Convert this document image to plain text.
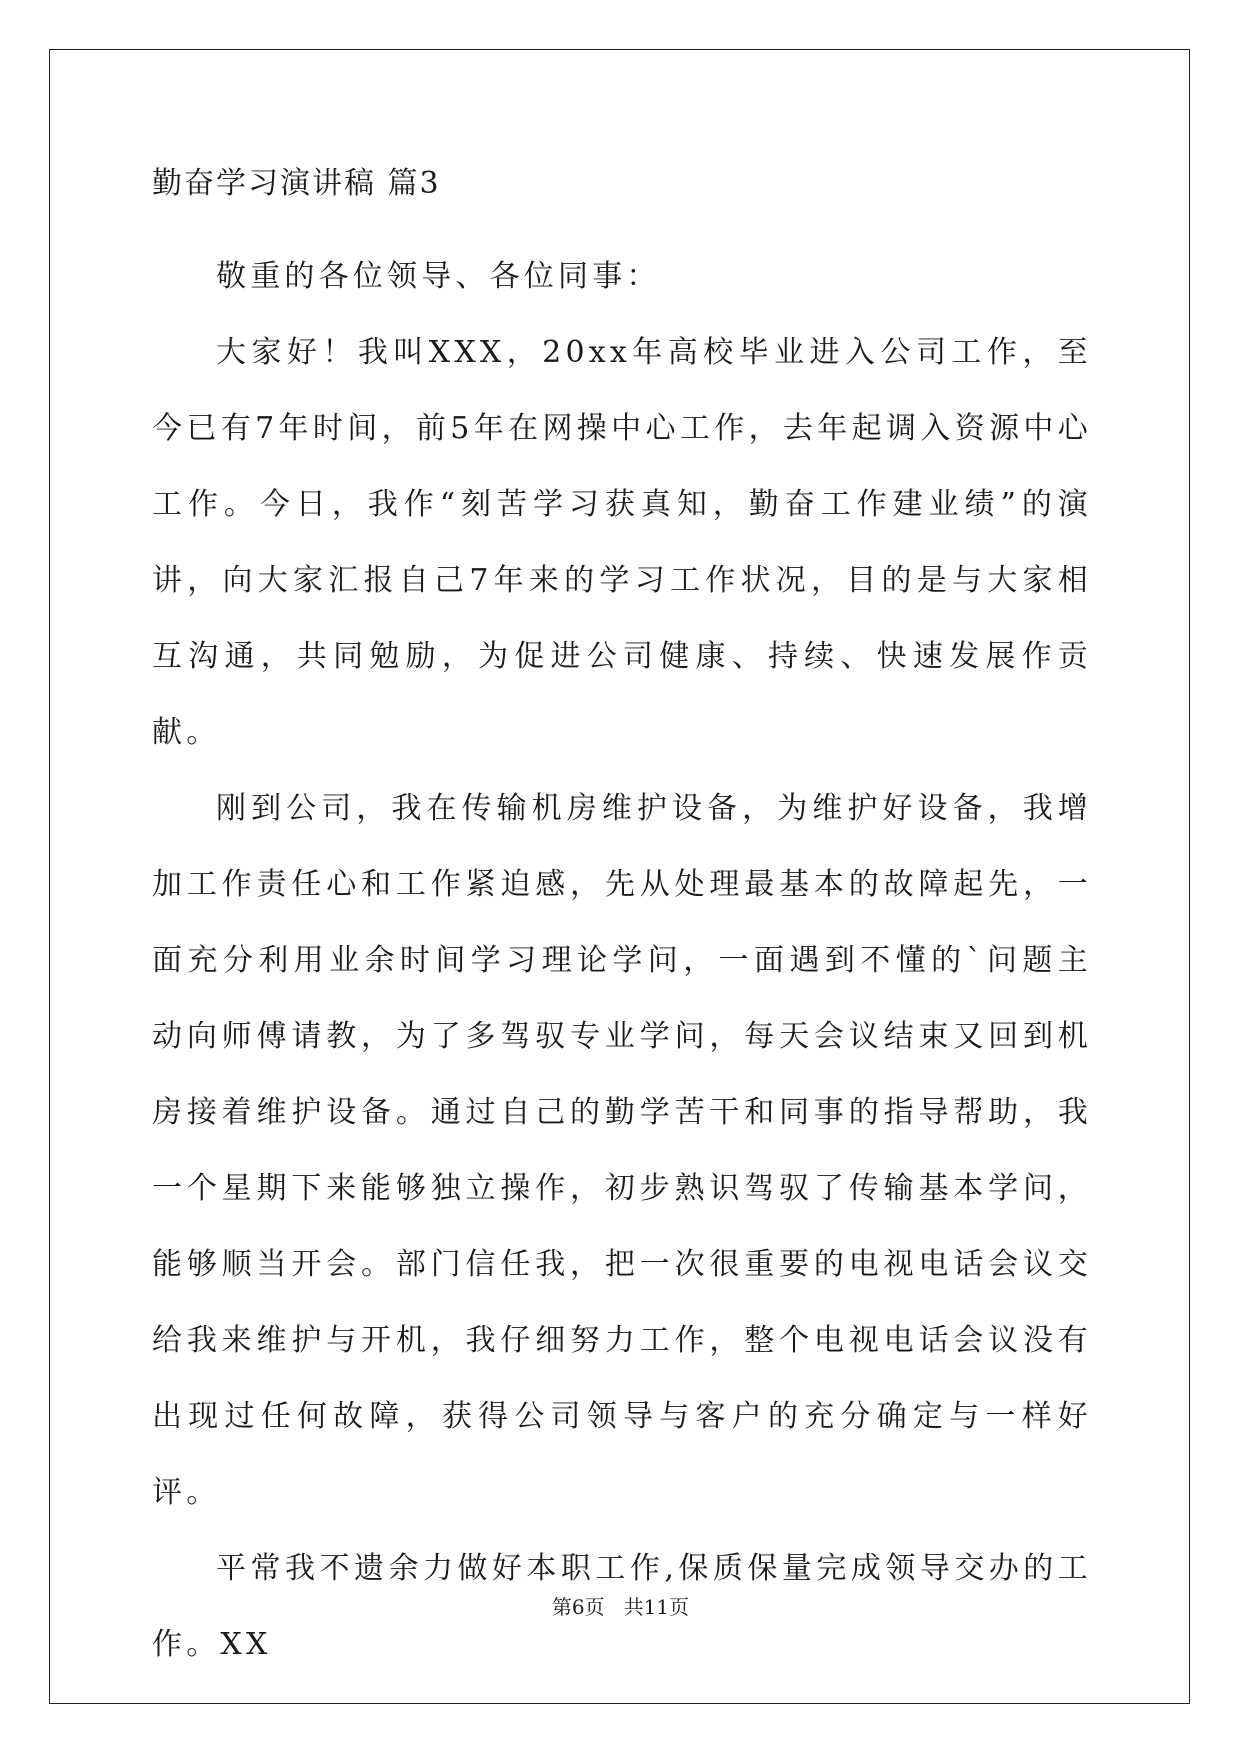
勤奋学习演讲稿 篇3

敬重的各位领导、各位同事：

大家好！我叫XXX，20xx年高校毕业进入公司工作，至今已有7年时间，前5年在网操中心工作，去年起调入资源中心工作。今日，我作“刻苦学习获真知，勤奋工作建业绩”的演讲，向大家汇报自己7年来的学习工作状况，目的是与大家相互沟通，共同勉励，为促进公司健康、持续、快速发展作贡献。

刚到公司，我在传输机房维护设备，为维护好设备，我增加工作责任心和工作紧迫感，先从处理最基本的故障起先，一面充分利用业余时间学习理论学问，一面遇到不懂的`问题主动向师傅请教，为了多驾驭专业学问，每天会议结束又回到机房接着维护设备。通过自己的勤学苦干和同事的指导帮助，我一个星期下来能够独立操作，初步熟识驾驭了传输基本学问，能够顺当开会。部门信任我，把一次很重要的电视电话会议交给我来维护与开机，我仔细努力工作，整个电视电话会议没有出现过任何故障，获得公司领导与客户的充分确定与一样好评。

平常我不遗余力做好本职工作,保质保量完成领导交办的工作。XX

第6页   共11页
